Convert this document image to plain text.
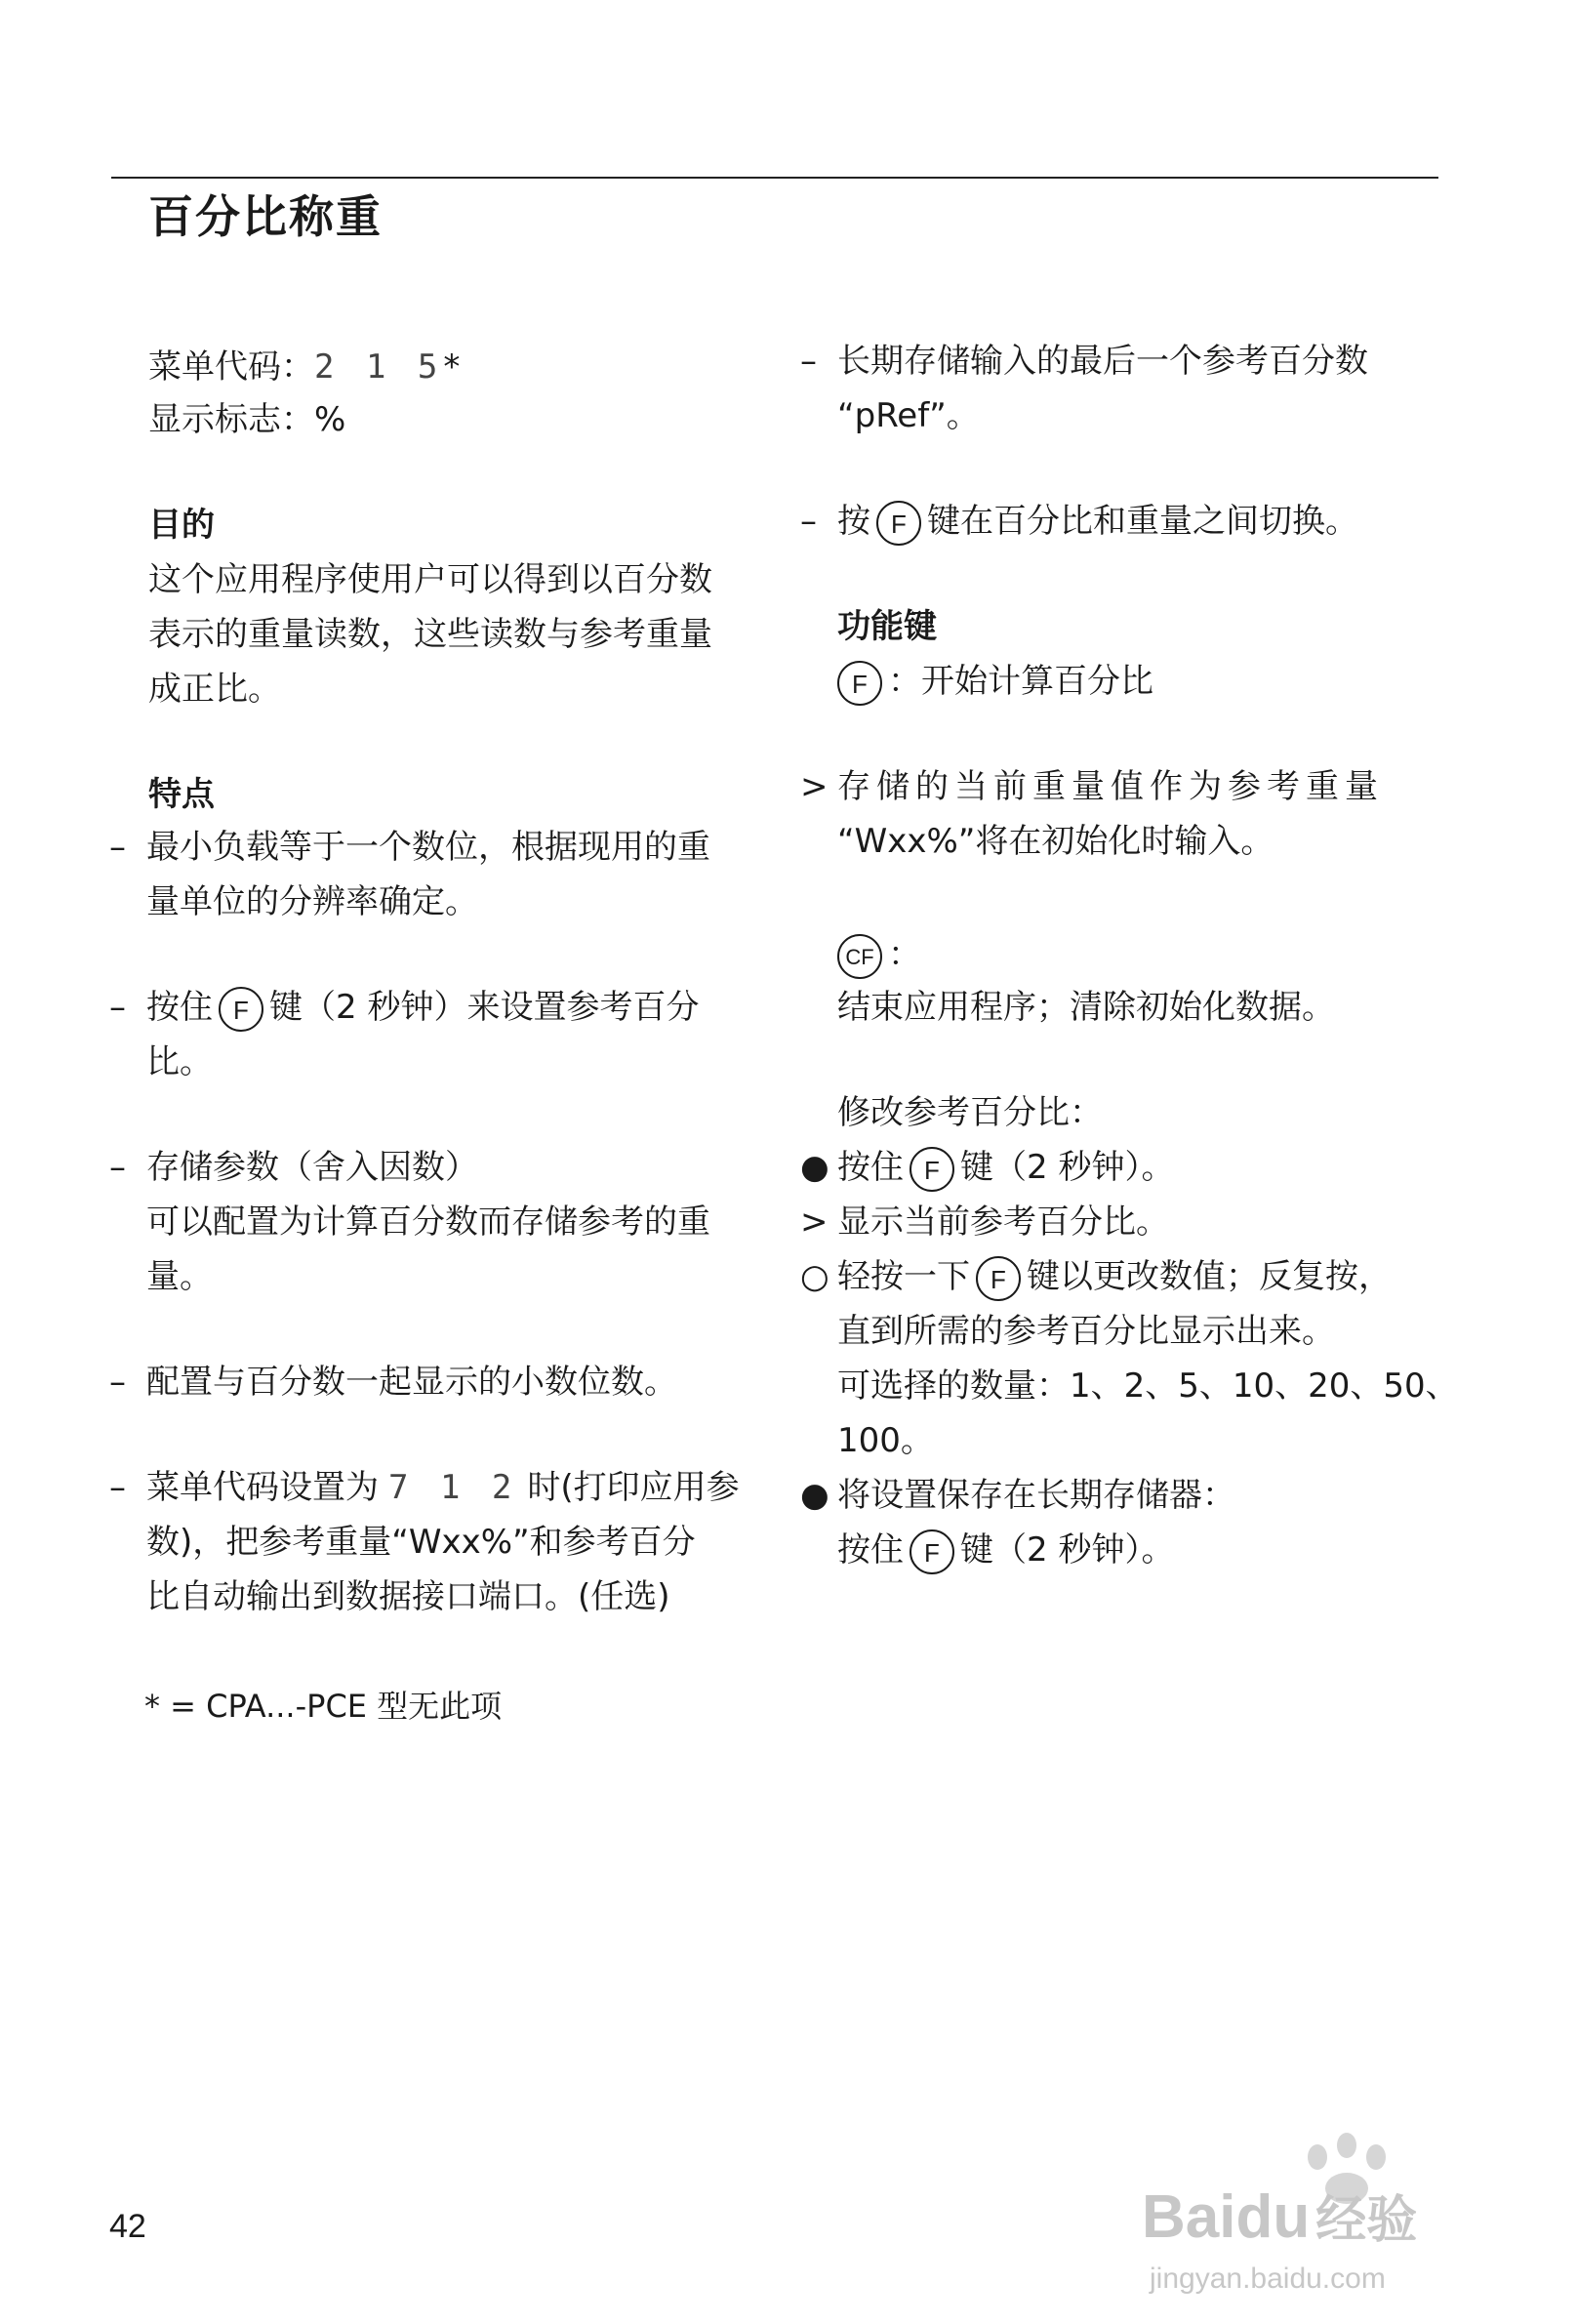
百分比称重
菜单代码：2 1 5*
显示标志：%
目的
这个应用程序使用户可以得到以百分数
表示的重量读数，这些读数与参考重量
成正比。
特点
– 最小负载等于一个数位，根据现用的重
量单位的分辨率确定。
– 按住 F 键（2 秒钟）来设置参考百分
比。
– 存储参数（舍入因数）
可以配置为计算百分数而存储参考的重
量。
– 配置与百分数一起显示的小数位数。
– 菜单代码设置为 7 1 2 时(打印应用参
数)，把参考重量“Wxx%”和参考百分
比自动输出到数据接口端口。(任选)
* = CPA...-PCE 型无此项
– 长期存储输入的最后一个参考百分数
“pRef”。
– 按 F 键在百分比和重量之间切换。
功能键
F ：开始计算百分比
> 存储的当前重量值作为参考重量
“Wxx%”将在初始化时输入。
CF ：
结束应用程序；清除初始化数据。
修改参考百分比：
● 按住 F 键（2 秒钟）。
> 显示当前参考百分比。
○ 轻按一下 F 键以更改数值；反复按，
直到所需的参考百分比显示出来。
可选择的数量：1、2、5、10、20、50、
100。
● 将设置保存在长期存储器：
按住 F 键（2 秒钟）。
42	Baidu 经验
jingyan.baidu.com
